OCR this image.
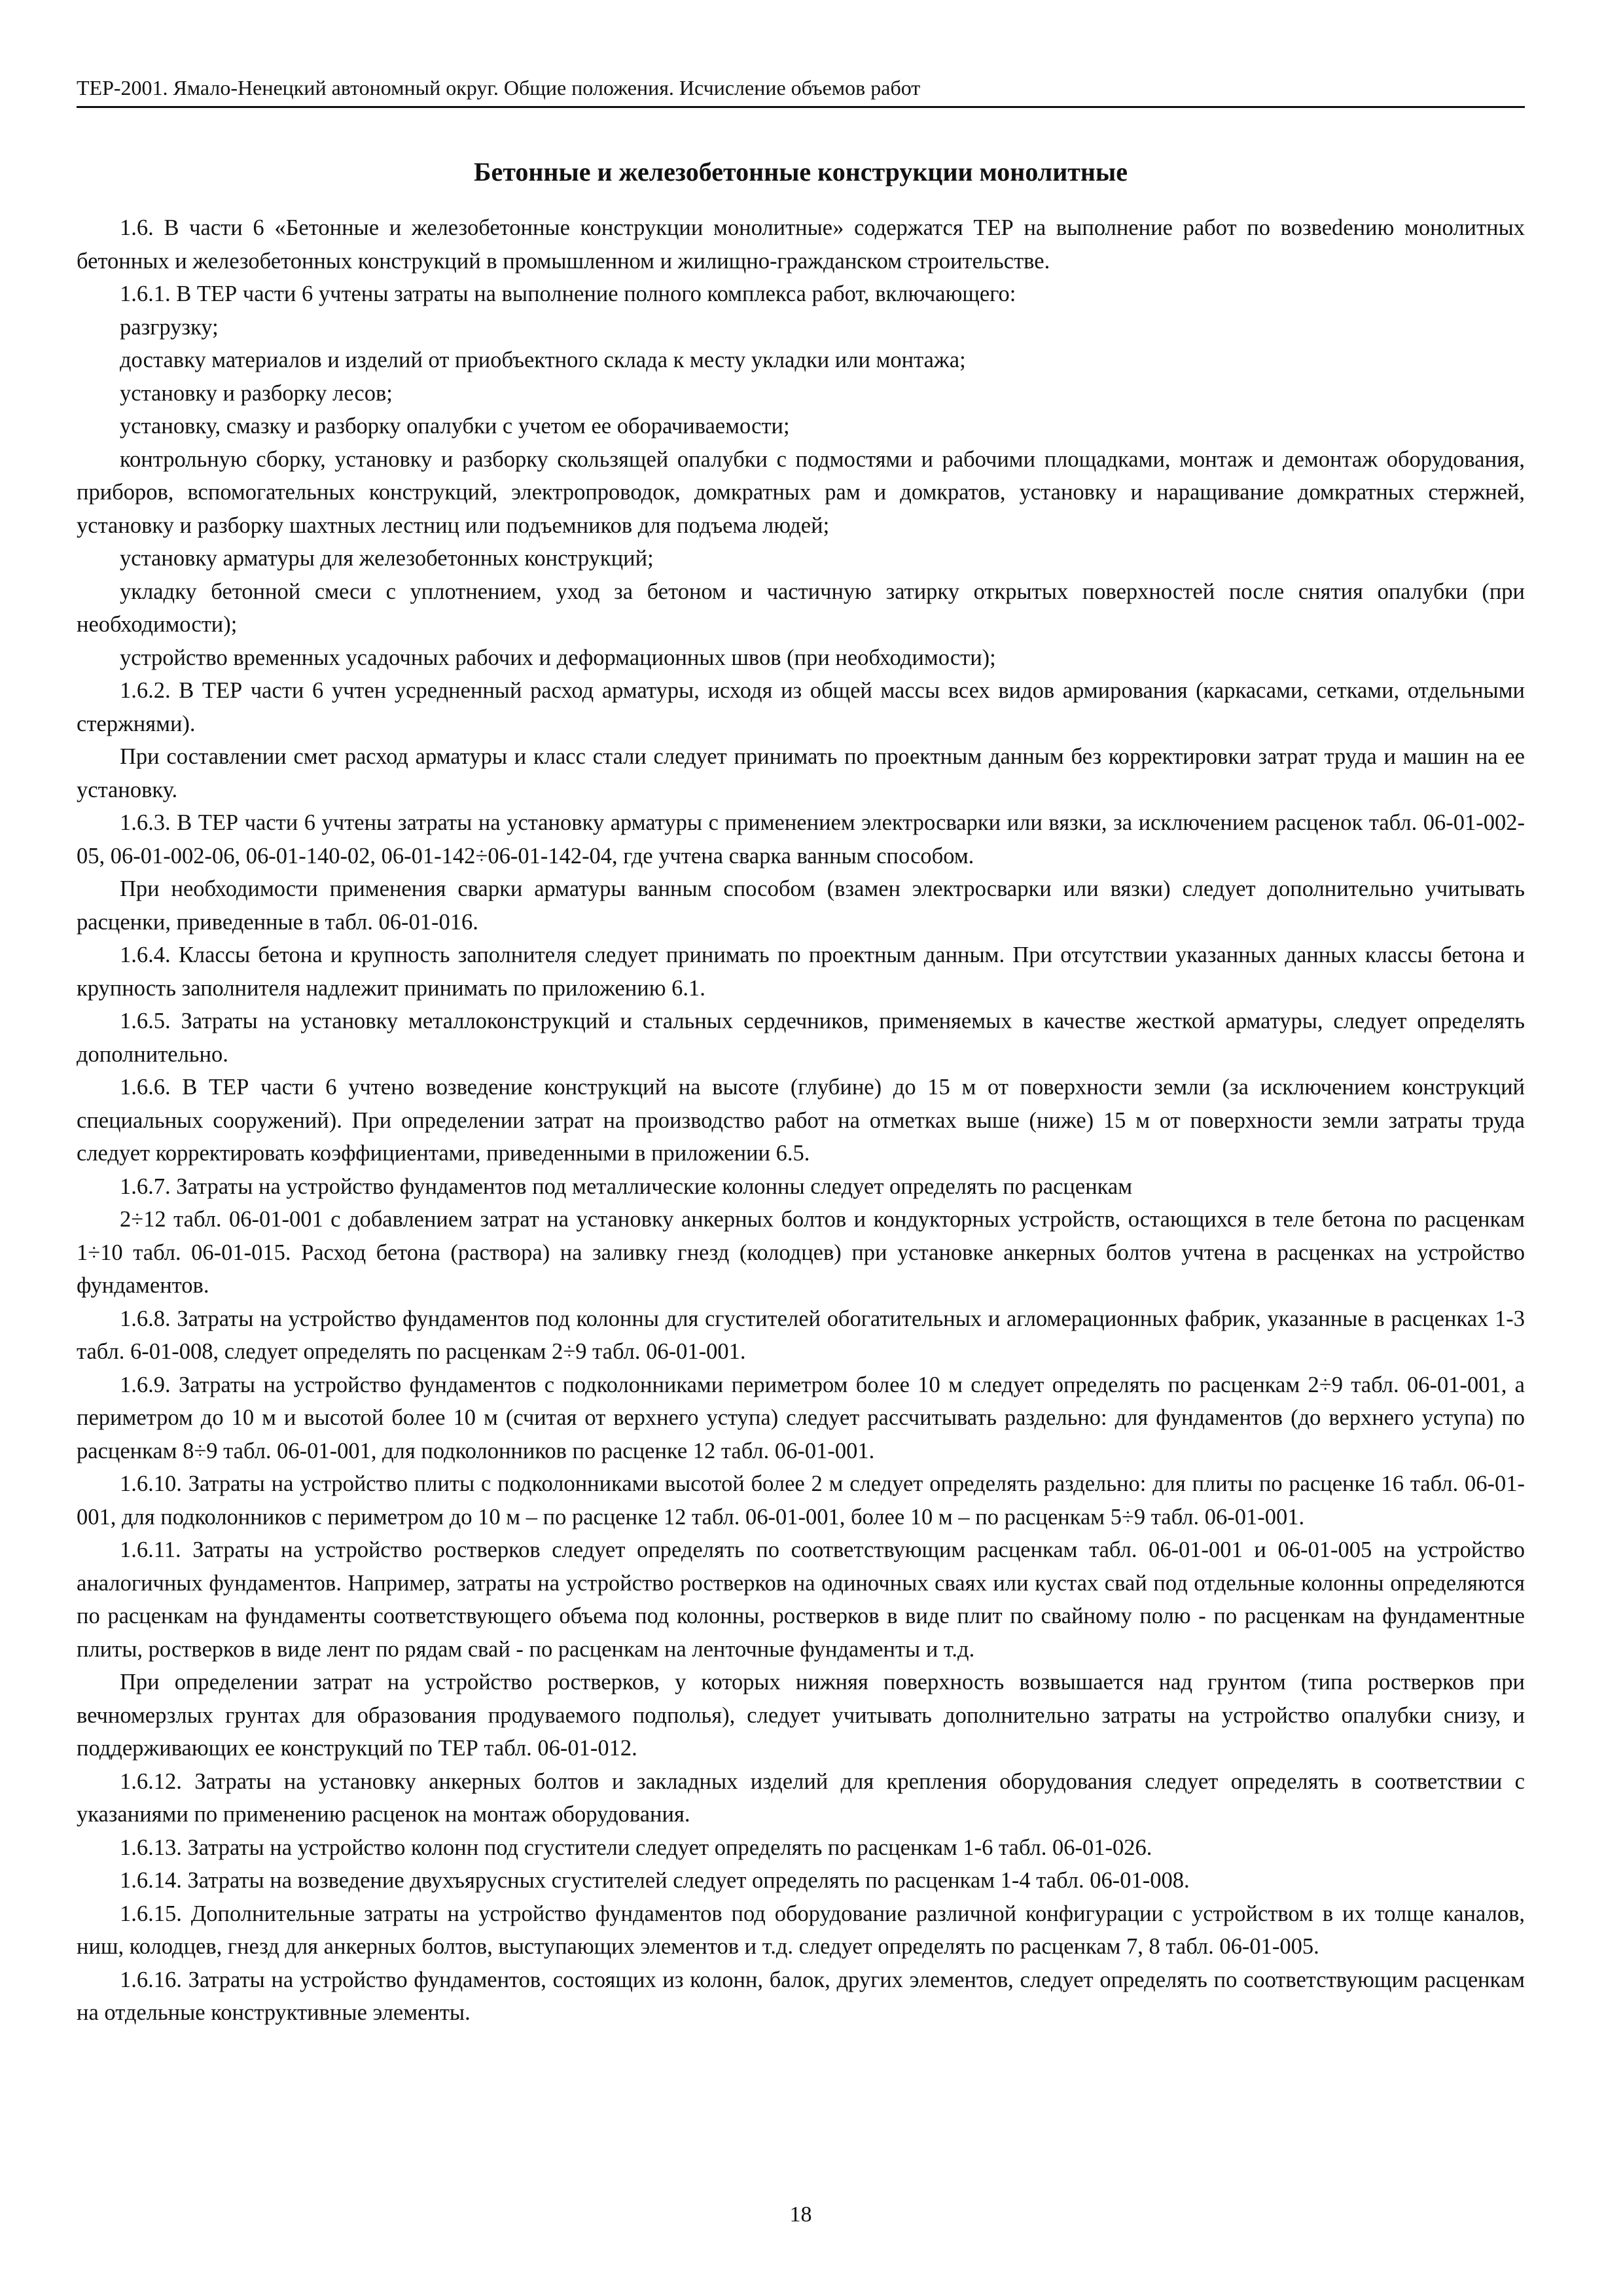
ТЕР-2001. Ямало-Ненецкий автономный округ. Общие положения. Исчисление объемов работ
Бетонные и железобетонные конструкции монолитные

1.6. В части 6 «Бетонные и железобетонные конструкции монолитные» содержатся ТЕР на выполнение работ по возвеdению монолитных бетонных и железобетонных конструкций в промышленном и жилищно-гражданском строительстве.

1.6.1. В ТЕР части 6 учтены затраты на выполнение полного комплекса работ, включающего:

разгрузку;

доставку материалов и изделий от приобъектного склада к месту укладки или монтажа;

установку и разборку лесов;

установку, смазку и разборку опалубки с учетом ее оборачиваемости;

контрольную сборку, установку и разборку скользящей опалубки с подмостями и рабочими площадками, монтаж и демонтаж оборудования, приборов, вспомогательных конструкций, электропроводок, домкратных рам и домкратов, установку и наращивание домкратных стержней, установку и разборку шахтных лестниц или подъемников для подъема людей;

установку арматуры для железобетонных конструкций;

укладку бетонной смеси с уплотнением, уход за бетоном и частичную затирку открытых поверхностей после снятия опалубки (при необходимости);

устройство временных усадочных рабочих и деформационных швов (при необходимости);

1.6.2. В ТЕР части 6 учтен усредненный расход арматуры, исходя из общей массы всех видов армирования (каркасами, сетками, отдельными стержнями).

При составлении смет расход арматуры и класс стали следует принимать по проектным данным без корректировки затрат труда и машин на ее установку.

1.6.3. В ТЕР части 6 учтены затраты на установку арматуры с применением электросварки или вязки, за исключением расценок табл. 06-01-002-05, 06-01-002-06, 06-01-140-02, 06-01-142÷06-01-142-04, где учтена сварка ванным способом.

При необходимости применения сварки арматуры ванным способом (взамен электросварки или вязки) следует дополнительно учитывать расценки, приведенные в табл. 06-01-016.

1.6.4. Классы бетона и крупность заполнителя следует принимать по проектным данным. При отсутствии указанных данных классы бетона и крупность заполнителя надлежит принимать по приложению 6.1.

1.6.5. Затраты на установку металлоконструкций и стальных сердечников, применяемых в качестве жесткой арматуры, следует определять дополнительно.

1.6.6. В ТЕР части 6 учтено возведение конструкций на высоте (глубине) до 15 м от поверхности земли (за исключением конструкций специальных сооружений). При определении затрат на производство работ на отметках выше (ниже) 15 м от поверхности земли затраты труда следует корректировать коэффициентами, приведенными в приложении 6.5.

1.6.7. Затраты на устройство фундаментов под металлические колонны следует определять по расценкам

2÷12 табл. 06-01-001 с добавлением затрат на установку анкерных болтов и кондукторных устройств, остающихся в теле бетона по расценкам 1÷10 табл. 06-01-015. Расход бетона (раствора) на заливку гнезд (колодцев) при установке анкерных болтов учтена в расценках на устройство фундаментов.

1.6.8. Затраты на устройство фундаментов под колонны для сгустителей обогатительных и агломерационных фабрик, указанные в расценках 1-3 табл. 6-01-008, следует определять по расценкам 2÷9 табл. 06-01-001.

1.6.9. Затраты на устройство фундаментов с подколонниками периметром более 10 м следует определять по расценкам 2÷9 табл. 06-01-001, а периметром до 10 м и высотой более 10 м (считая от верхнего уступа) следует рассчитывать раздельно: для фундаментов (до верхнего уступа) по расценкам 8÷9 табл. 06-01-001, для подколонников по расценке 12 табл. 06-01-001.

1.6.10. Затраты на устройство плиты с подколонниками высотой более 2 м следует определять раздельно: для плиты по расценке 16 табл. 06-01-001, для подколонников с периметром до 10 м – по расценке 12 табл. 06-01-001, более 10 м – по расценкам 5÷9 табл. 06-01-001.

1.6.11. Затраты на устройство ростверков следует определять по соответствующим расценкам табл. 06-01-001 и 06-01-005 на устройство аналогичных фундаментов. Например, затраты на устройство ростверков на одиночных сваях или кустах свай под отдельные колонны определяются по расценкам на фундаменты соответствующего объема под колонны, ростверков в виде плит по свайному полю - по расценкам на фундаментные плиты, ростверков в виде лент по рядам свай - по расценкам на ленточные фундаменты и т.д.

При определении затрат на устройство ростверков, у которых нижняя поверхность возвышается над грунтом (типа ростверков при вечномерзлых грунтах для образования продуваемого подполья), следует учитывать дополнительно затраты на устройство опалубки снизу, и поддерживающих ее конструкций по ТЕР табл. 06-01-012.

1.6.12. Затраты на установку анкерных болтов и закладных изделий для крепления оборудования следует определять в соответствии с указаниями по применению расценок на монтаж оборудования.

1.6.13. Затраты на устройство колонн под сгустители следует определять по расценкам 1-6 табл. 06-01-026.

1.6.14. Затраты на возведение двухъярусных сгустителей следует определять по расценкам 1-4 табл. 06-01-008.

1.6.15. Дополнительные затраты на устройство фундаментов под оборудование различной конфигурации с устройством в их толще каналов, ниш, колодцев, гнезд для анкерных болтов, выступающих элементов и т.д. следует определять по расценкам 7, 8 табл. 06-01-005.

1.6.16. Затраты на устройство фундаментов, состоящих из колонн, балок, других элементов, следует определять по соответствующим расценкам на отдельные конструктивные элементы.

18
